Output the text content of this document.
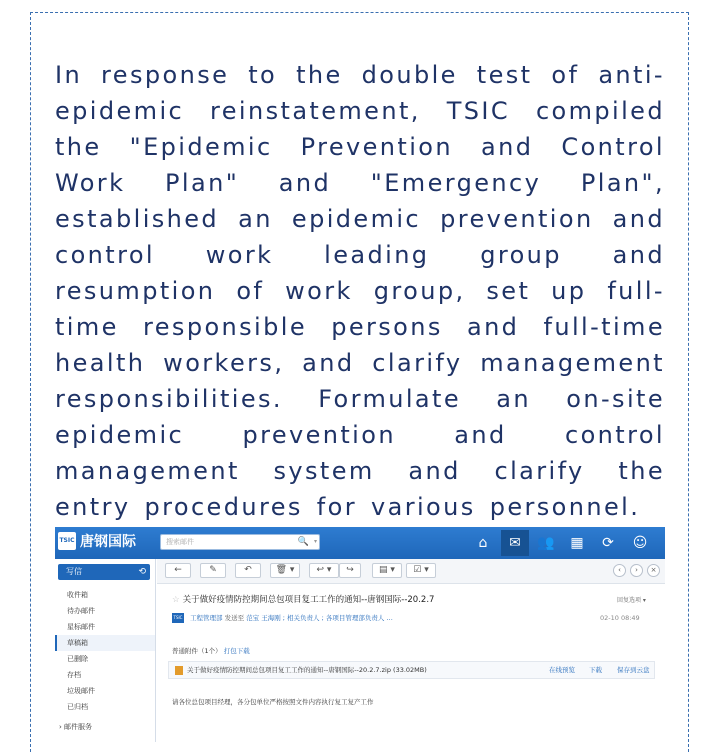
In response to the double test of anti-epidemic reinstatement, TSIC compiled the "Epidemic Prevention and Control Work Plan" and "Emergency Plan", established an epidemic prevention and control work leading group and resumption of work group, set up full-time responsible persons and full-time health workers, and clarify management responsibilities. Formulate an on-site epidemic prevention and control management system and clarify the entry procedures for various personnel.

TSIC 唐钢国际	搜索邮件	🔍 ▾	⌂	✉	👥	▦	⟳	☺
写信	⟲
收件箱
待办邮件
星标邮件
草稿箱
已删除
存档
垃圾邮件
已归档
› 邮件服务
←	✎	↶	🗑 ▾	↩ ▾	↪	▤ ▾	☑ ▾	‹	›	×
☆ 关于做好疫情防控期间总包项目复工工作的通知--唐钢国际--20.2.7	回复选项 ▾
TSIC 工程管理部 发送至 范宝 王海刚 ; 相关负责人 ; 各项目管理部负责人 …	02-10 08:49
普通附件（1个） 打包下载
关于做好疫情防控期间总包项目复工工作的通知--唐钢国际--20.2.7.zip (33.02MB)	在线预览 下载 保存到云盘
请各位总包项目经理，各分包单位严格按照文件内容执行复工复产工作
